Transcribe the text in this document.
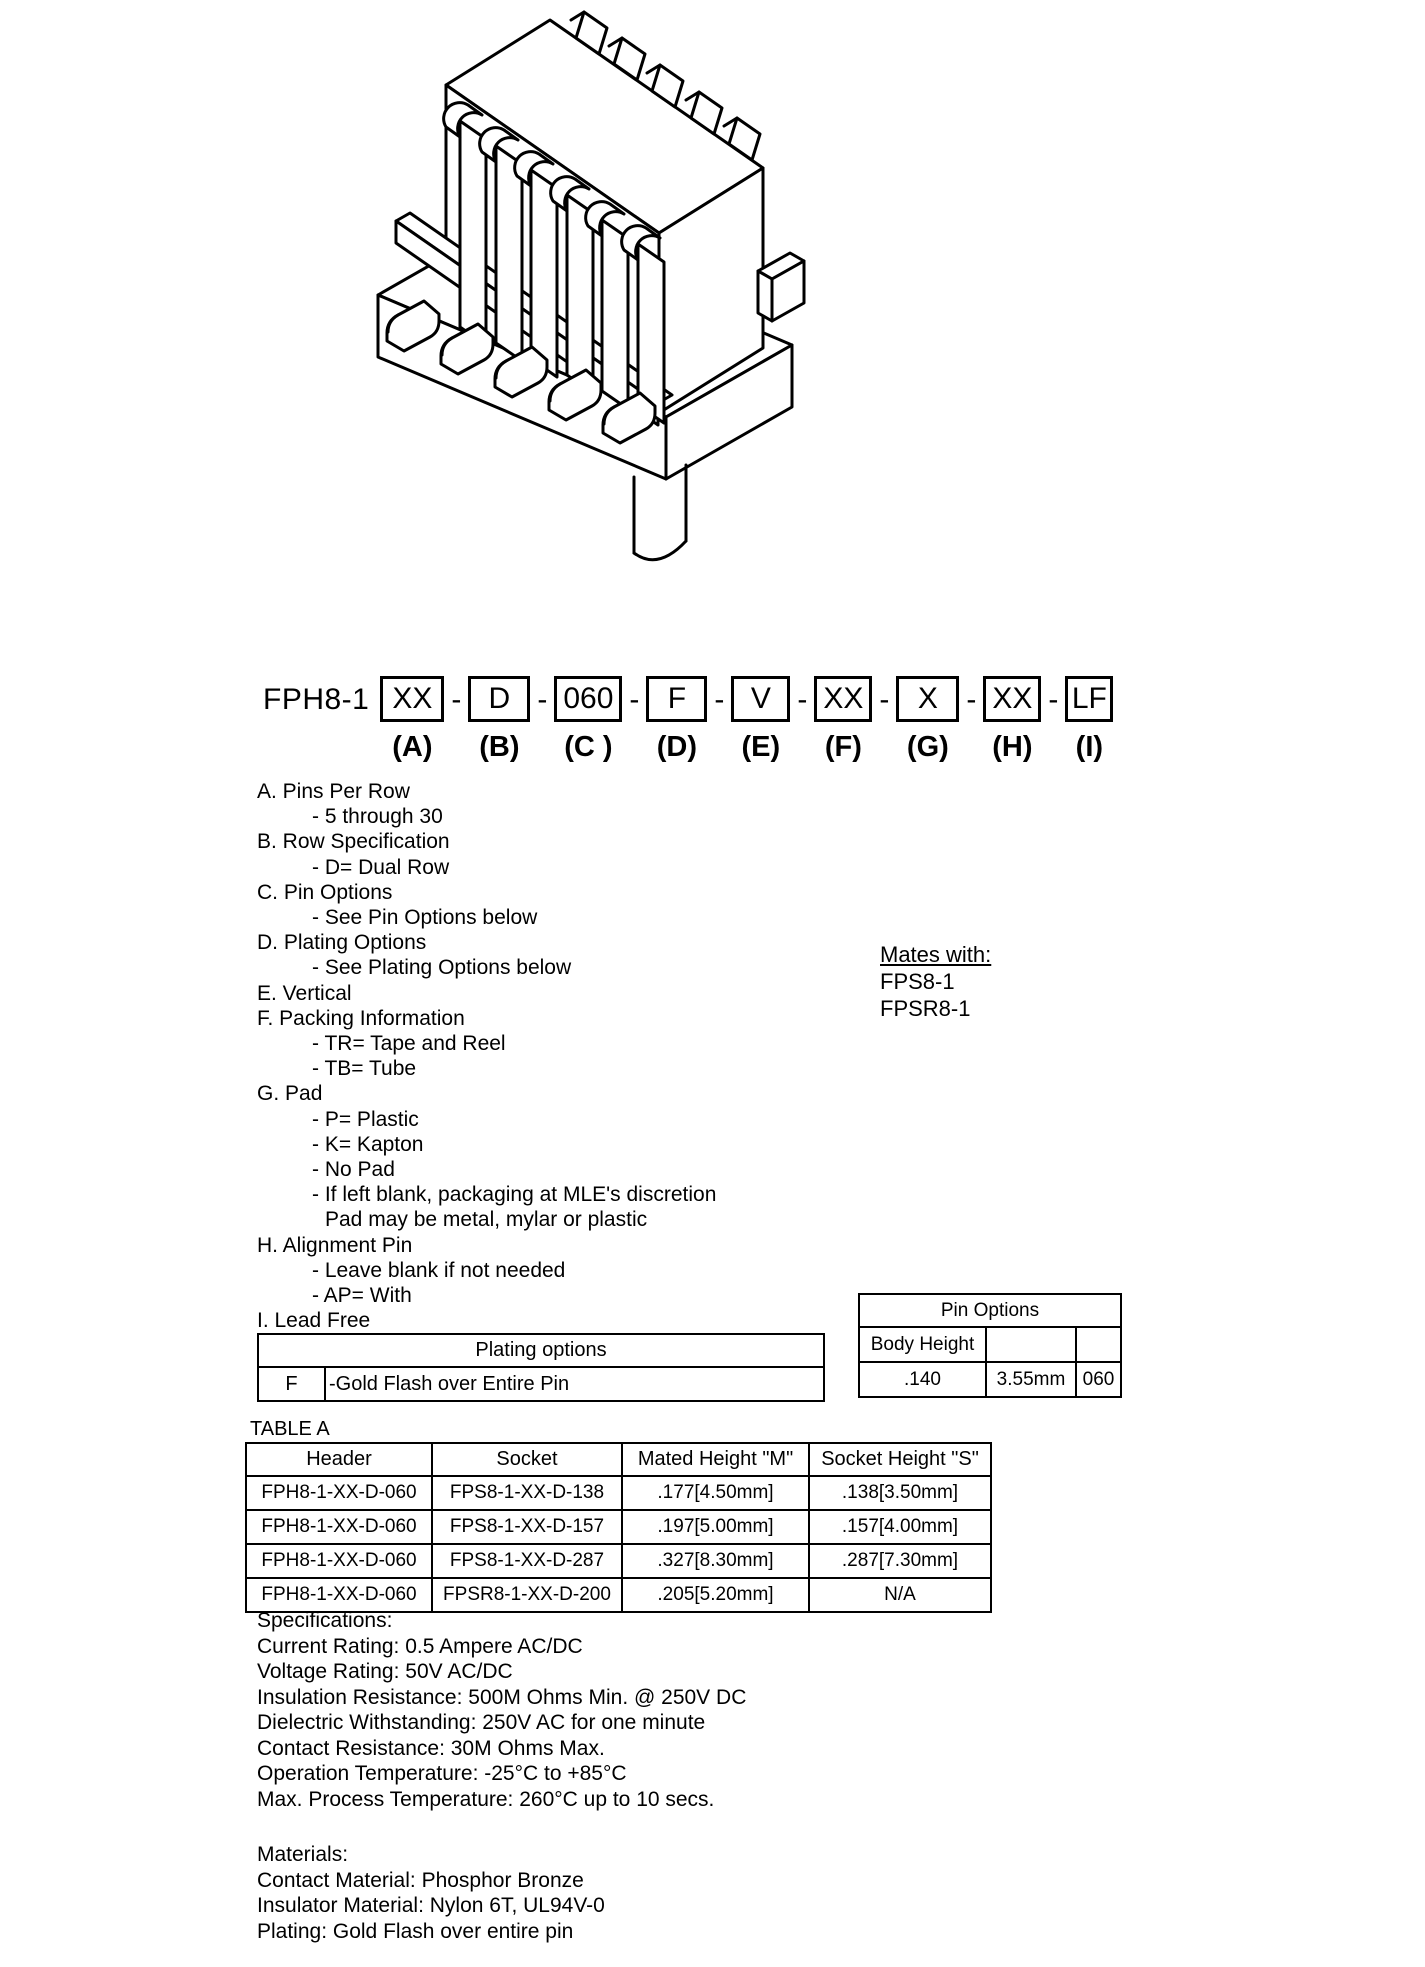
FPH8-1 XX
(A)
- D
(B)
- 060
(C )
- F
(D)
- V
(E)
- XX
(F)
- X
(G)
- XX
(H)
- LF
(I)
A. Pins Per Row
- 5 through 30
B. Row Specification
- D= Dual Row
C. Pin Options
- See Pin Options below
D. Plating Options
- See Plating Options below
E. Vertical
F. Packing Information
- TR= Tape and Reel
- TB= Tube
G. Pad
- P= Plastic
- K= Kapton
- No Pad
- If left blank, packaging at MLE's discretion
Pad may be metal, mylar or plastic
H. Alignment Pin
- Leave blank if not needed
- AP= With
I. Lead Free
Mates with:
FPS8-1
FPSR8-1
Plating options
F	-Gold Flash over Entire Pin
Pin Options		
Body Height		
.140	3.55mm	060
TABLE A
Header	Socket	Mated Height "M"	Socket Height "S"
FPH8-1-XX-D-060	FPS8-1-XX-D-138	.177[4.50mm]	.138[3.50mm]
FPH8-1-XX-D-060	FPS8-1-XX-D-157	.197[5.00mm]	.157[4.00mm]
FPH8-1-XX-D-060	FPS8-1-XX-D-287	.327[8.30mm]	.287[7.30mm]
FPH8-1-XX-D-060	FPSR8-1-XX-D-200	.205[5.20mm]	N/A
Specifications:
Current Rating: 0.5 Ampere AC/DC
Voltage Rating: 50V AC/DC
Insulation Resistance: 500M Ohms Min. @ 250V DC
Dielectric Withstanding: 250V AC for one minute
Contact Resistance: 30M Ohms Max.
Operation Temperature: -25°C to +85°C
Max. Process Temperature: 260°C up to 10 secs.
Materials:
Contact Material: Phosphor Bronze
Insulator Material: Nylon 6T, UL94V-0
Plating: Gold Flash over entire pin
